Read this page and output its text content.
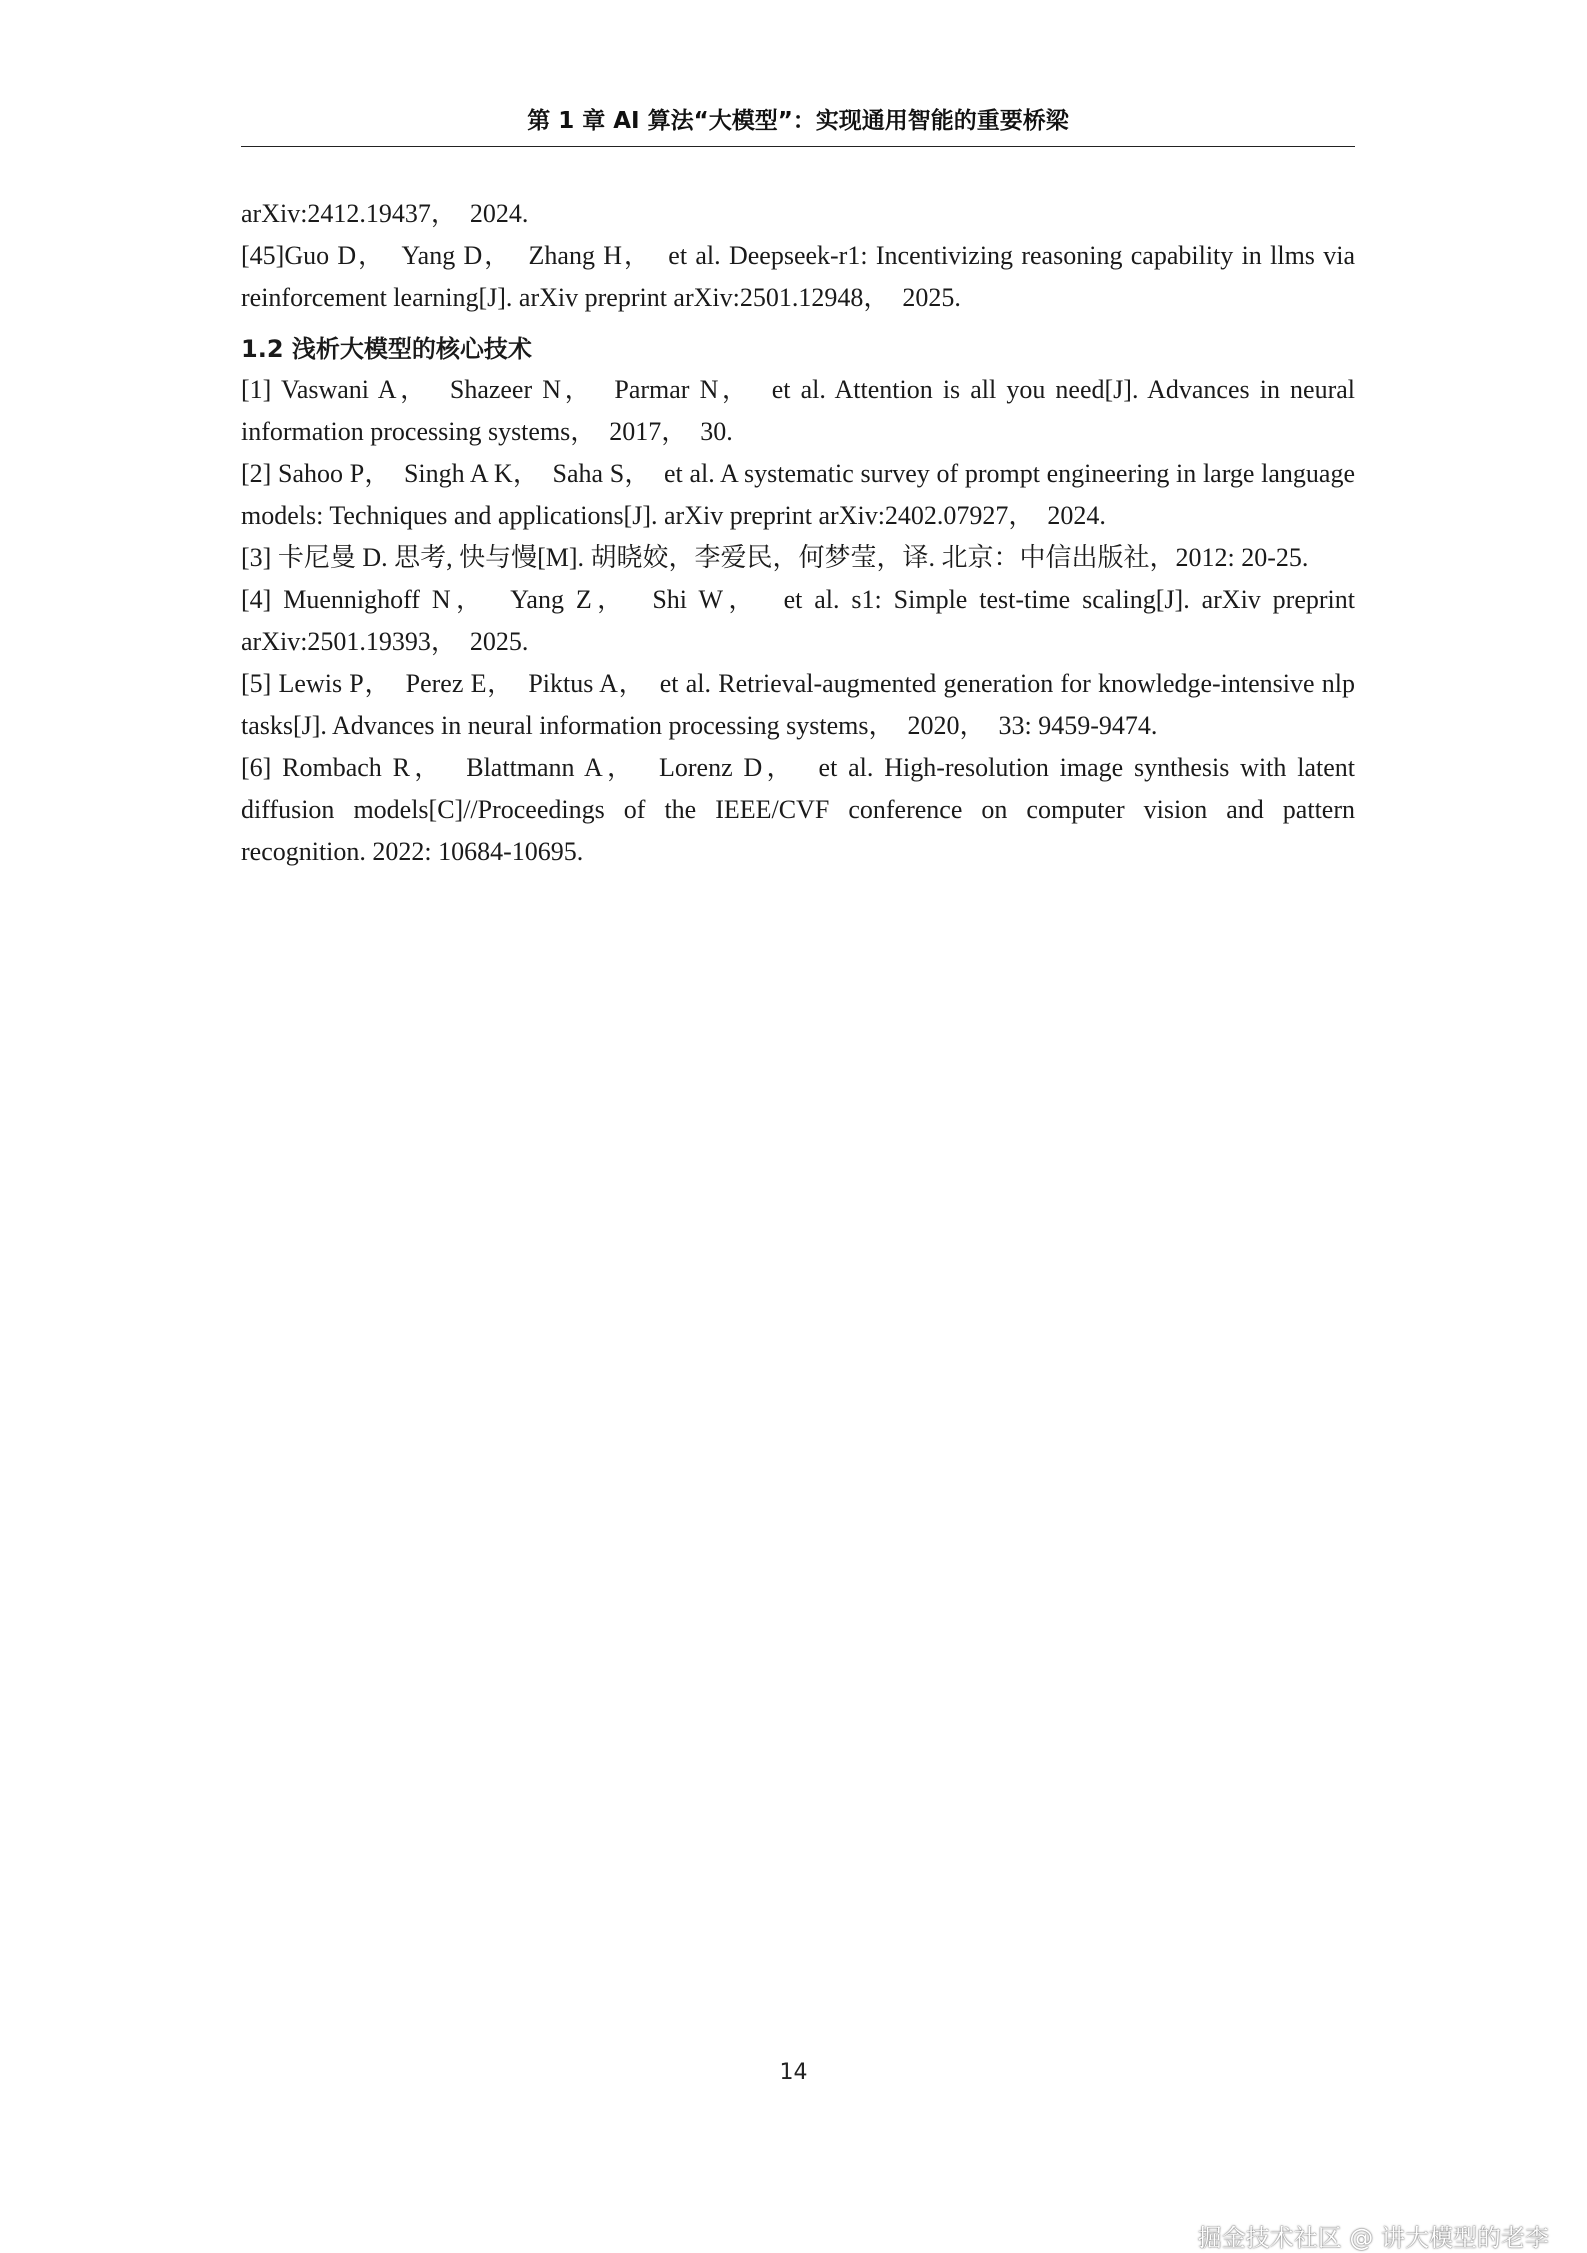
第 1 章 AI 算法“大模型”：实现通用智能的重要桥梁

arXiv:2412.19437，  2024.

[45]Guo D，  Yang D，  Zhang H，  et al. Deepseek-r1: Incentivizing reasoning capability in llms via reinforcement learning[J]. arXiv preprint arXiv:2501.12948，  2025.

1.2 浅析大模型的核心技术

[1] Vaswani A，  Shazeer N，  Parmar N，  et al. Attention is all you need[J]. Advances in neural information processing systems，  2017，  30.

[2] Sahoo P，  Singh A K，  Saha S，  et al. A systematic survey of prompt engineering in large language models: Techniques and applications[J]. arXiv preprint arXiv:2402.07927，  2024.

[3] 卡尼曼 D. 思考, 快与慢[M]. 胡晓姣，李爱民，何梦莹，译. 北京：中信出版社，2012: 20-25.

[4] Muennighoff N，  Yang Z，  Shi W，  et al. s1: Simple test-time scaling[J]. arXiv preprint arXiv:2501.19393，  2025.

[5] Lewis P，  Perez E，  Piktus A，  et al. Retrieval-augmented generation for knowledge-intensive nlp tasks[J]. Advances in neural information processing systems，  2020，  33: 9459-9474.

[6] Rombach R，  Blattmann A，  Lorenz D，  et al. High-resolution image synthesis with latent diffusion models[C]//Proceedings of the IEEE/CVF conference on computer vision and pattern recognition. 2022: 10684-10695.

14
掘金技术社区 @ 讲大模型的老李
